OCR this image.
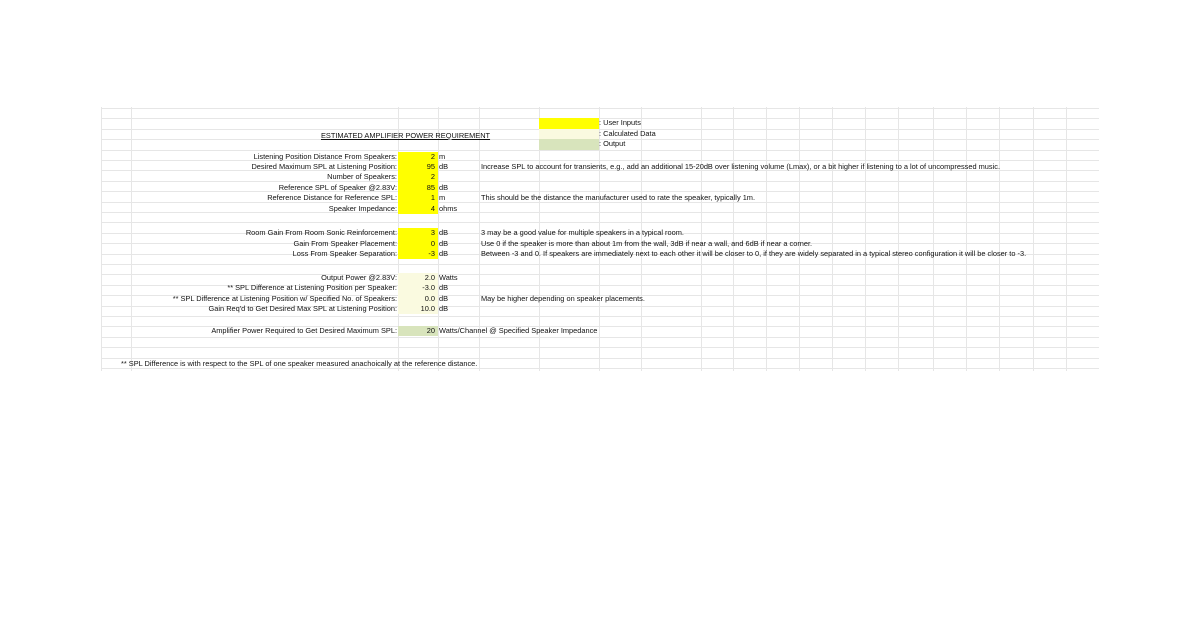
: User Inputs
: Calculated Data
: Output
ESTIMATED AMPLIFIER POWER REQUIREMENT
Listening Position Distance From Speakers:	2 m
Desired Maximum SPL at Listening Position:	95 dB	Increase SPL to account for transients, e.g., add an additional 15-20dB over listening volume (Lmax), or a bit higher if listening to a lot of uncompressed music.
Number of Speakers:	2
Reference SPL of Speaker @2.83V:	85 dB
Reference Distance for Reference SPL:	1 m	This should be the distance the manufacturer used to rate the speaker, typically 1m.
Speaker Impedance:	4 ohms
Room Gain From Room Sonic Reinforcement:	3 dB	3 may be a good value for multiple speakers in a typical room.
Gain From Speaker Placement:	0 dB	Use 0 if the speaker is more than about 1m from the wall, 3dB if near a wall, and 6dB if near a corner.
Loss From Speaker Separation:	-3 dB	Between -3 and 0. If speakers are immediately next to each other it will be closer to 0, if they are widely separated in a typical stereo configuration it will be closer to -3.
Output Power @2.83V:	2.0 Watts
** SPL Difference at Listening Position per Speaker:	-3.0 dB
** SPL Difference at Listening Position w/ Specified No. of Speakers:	0.0 dB	May be higher depending on speaker placements.
Gain Req'd to Get Desired Max SPL at Listening Position:	10.0 dB
Amplifier Power Required to Get Desired Maximum SPL:	20 Watts/Channel @ Specified Speaker Impedance
** SPL Difference is with respect to the SPL of one speaker measured anachoically at the reference distance.
